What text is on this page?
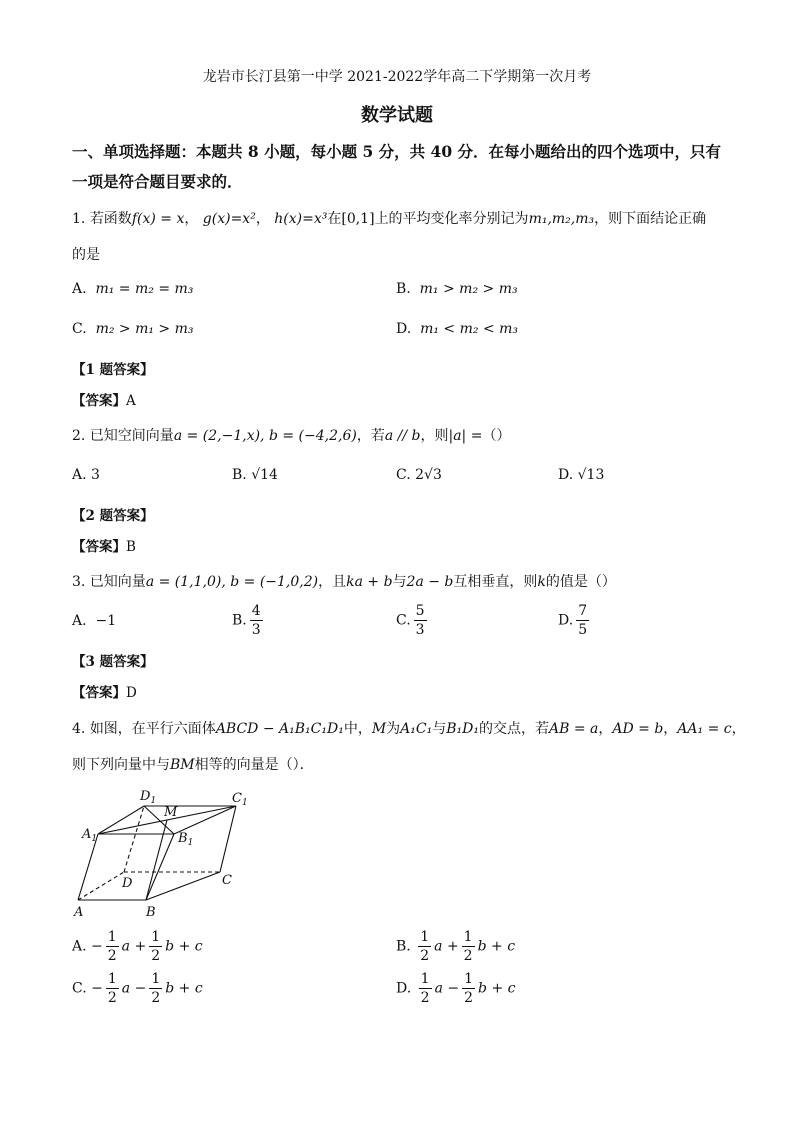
龙岩市长汀县第一中学 2021-2022学年高二下学期第一次月考
数学试题
一、单项选择题：本题共 8 小题，每小题 5 分，共 40 分．在每小题给出的四个选项中，只有一项是符合题目要求的．
1. 若函数f(x) = x， g(x)=x²， h(x)=x³在[0,1]上的平均变化率分别记为m₁,m₂,m₃，则下面结论正确
的是
A. m₁ = m₂ = m₃	B. m₁ > m₂ > m₃
C. m₂ > m₁ > m₃	D. m₁ < m₂ < m₃
【1 题答案】
【答案】A
2. 已知空间向量a = (2,−1,x), b = (−4,2,6)，若a // b，则|a| =（）
A. 3	B. √14	C. 2√3	D. √13
【2 题答案】
【答案】B
3. 已知向量a = (1,1,0), b = (−1,0,2)，且ka + b与2a − b互相垂直，则k的值是（）
A. −1	B. $\frac{4}{3}$	C. $\frac{5}{3}$	D. $\frac{7}{5}$
【3 题答案】
【答案】D
4. 如图，在平行六面体ABCD − A₁B₁C₁D₁中，M为A₁C₁与B₁D₁的交点，若AB = a，AD = b，AA₁ = c，
则下列向量中与BM相等的向量是（）．
A	B
C
D
$A_1$	$B_1$
$C_1$
$D_1$
M
A. − $\frac{1}{2}$ $a + \frac{1}{2}$ b + c	B. $\frac{1}{2}$ $a + \frac{1}{2}$ b + c
C. − $\frac{1}{2}$ $a - \frac{1}{2}$ b + c	D. $\frac{1}{2}$ $a - \frac{1}{2}$ b + c
